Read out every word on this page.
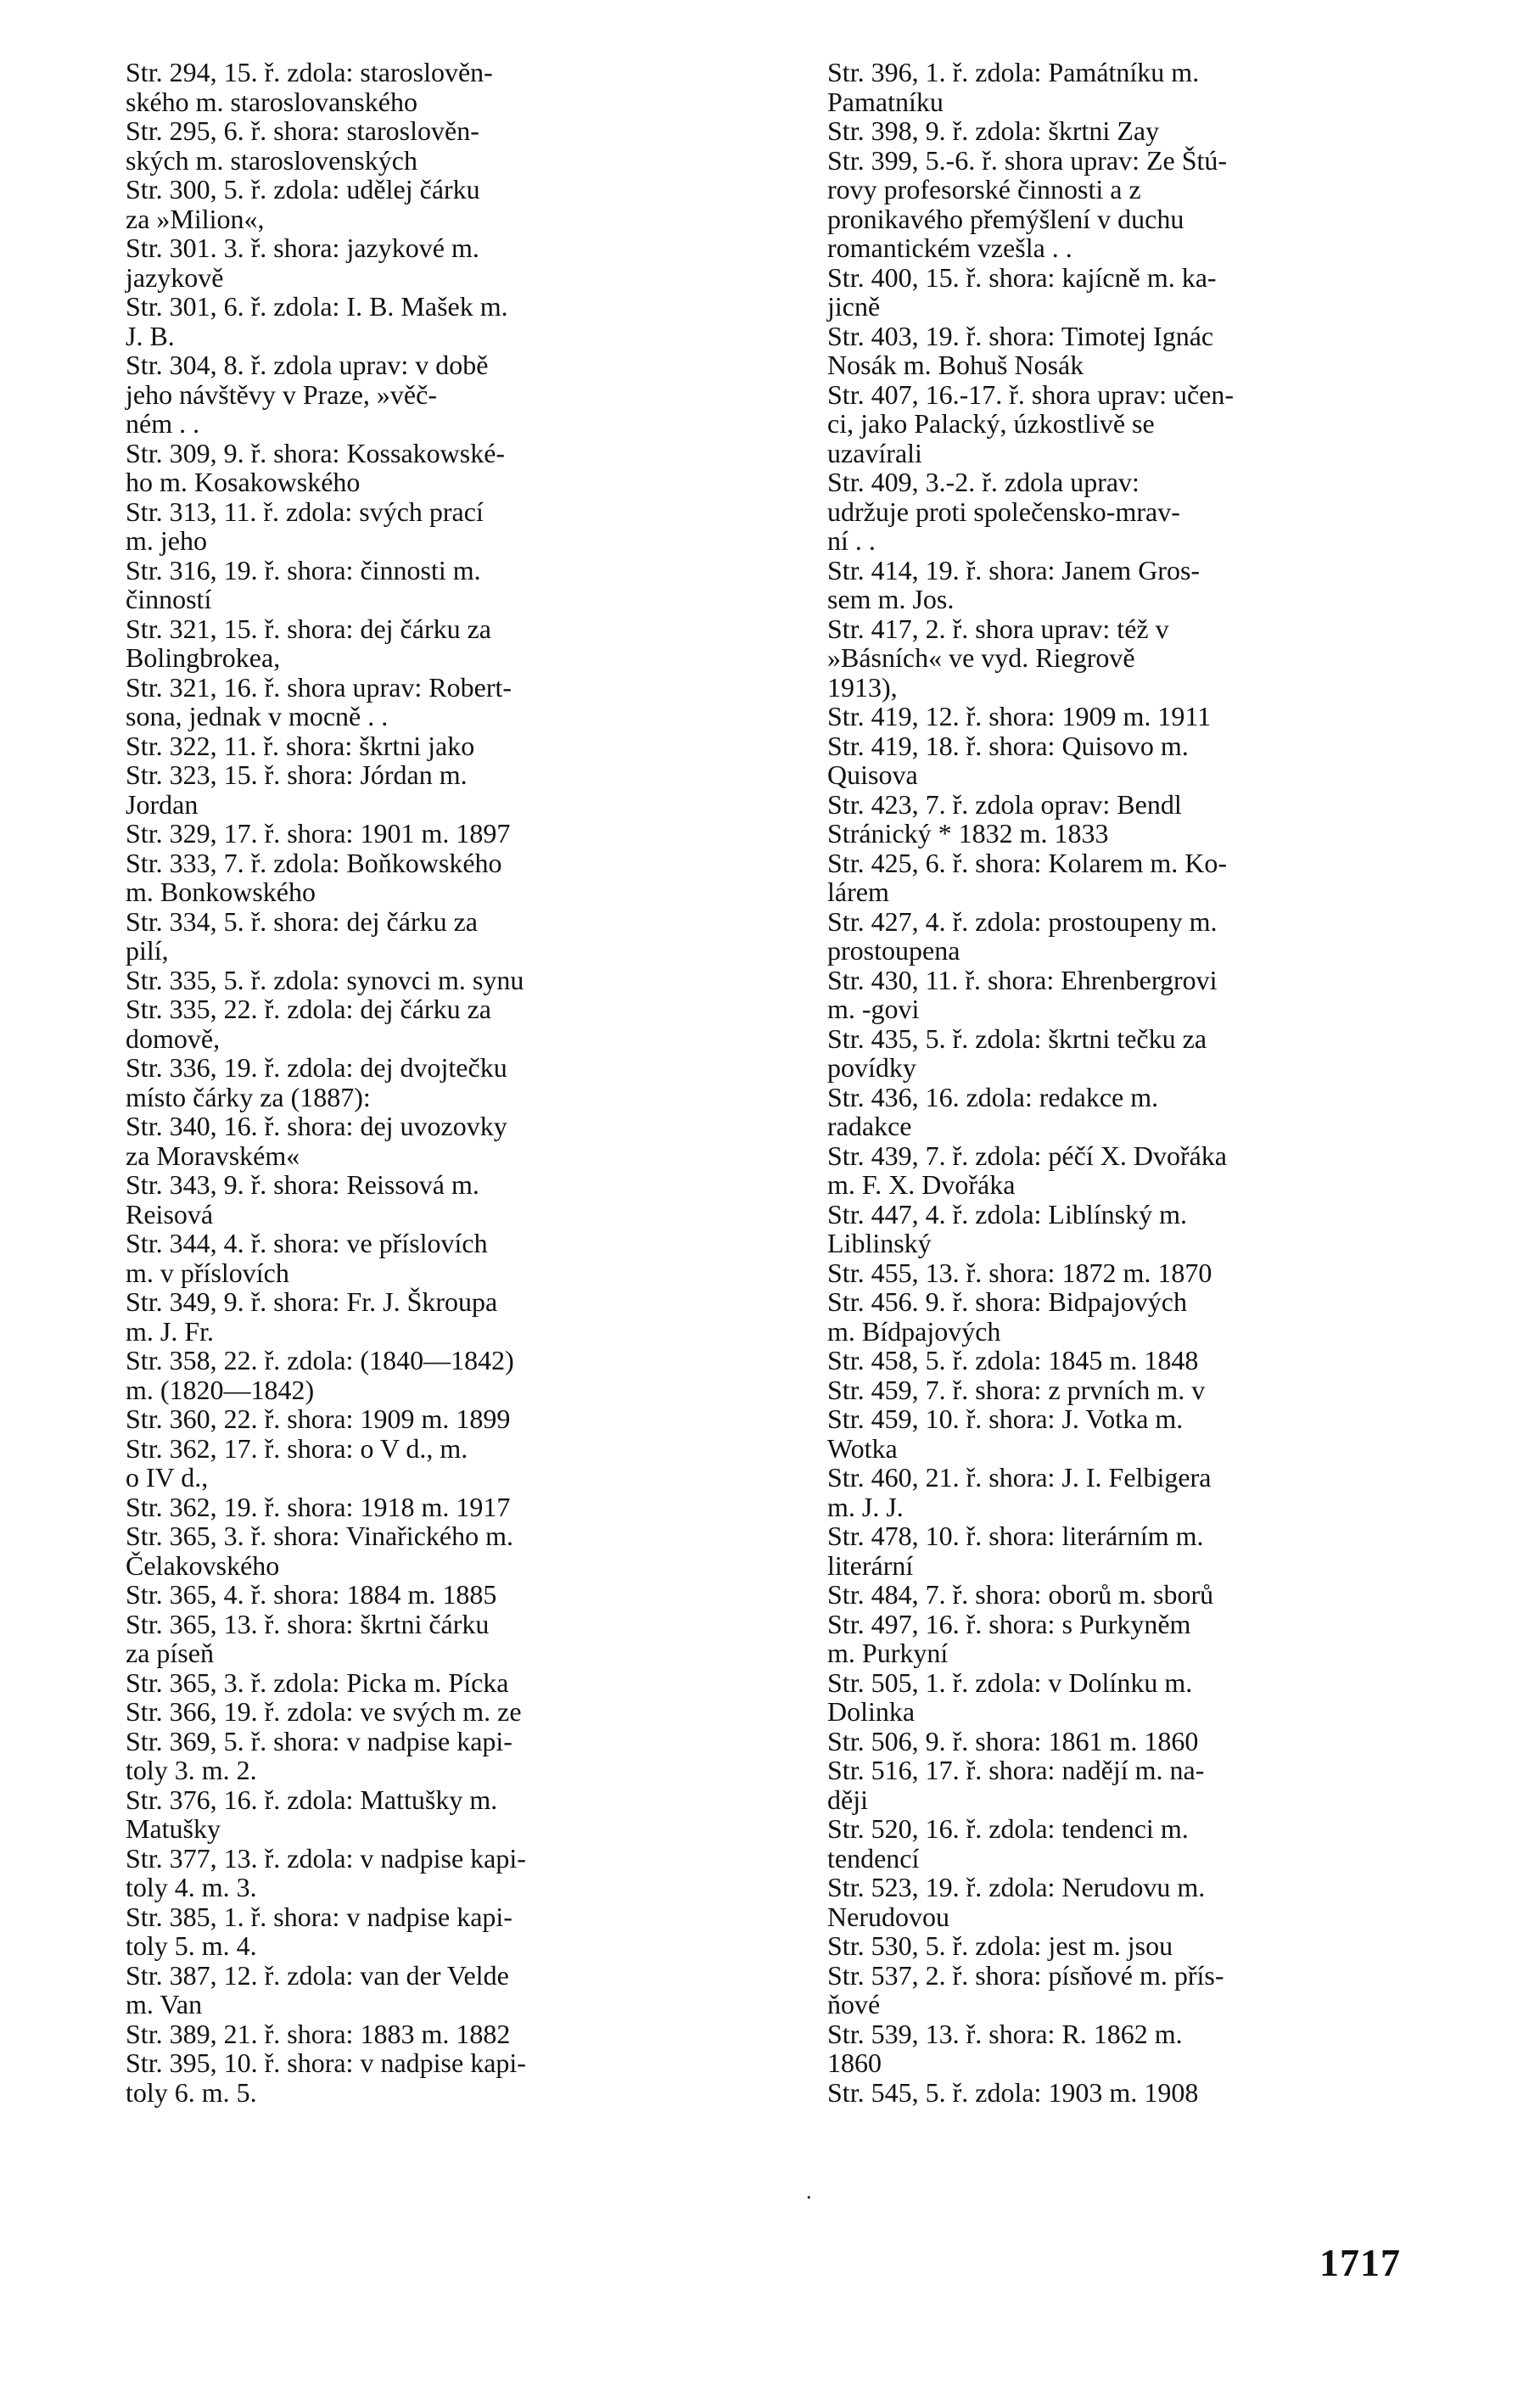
Str. 294, 15. ř. zdola: staroslověn-
ského m. staroslovanského
Str. 295, 6. ř. shora: staroslověn-
ských m. staroslovenských
Str. 300, 5. ř. zdola: udělej čárku
za »Milion«,
Str. 301. 3. ř. shora: jazykové m.
jazykově
Str. 301, 6. ř. zdola: I. B. Mašek m.
J. B.
Str. 304, 8. ř. zdola uprav: v době
jeho návštěvy v Praze, »věč-
ném . .
Str. 309, 9. ř. shora: Kossakowské-
ho m. Kosakowského
Str. 313, 11. ř. zdola: svých prací
m. jeho
Str. 316, 19. ř. shora: činnosti m.
činností
Str. 321, 15. ř. shora: dej čárku za
Bolingbrokea,
Str. 321, 16. ř. shora uprav: Robert-
sona, jednak v mocně . .
Str. 322, 11. ř. shora: škrtni jako
Str. 323, 15. ř. shora: Jórdan m.
Jordan
Str. 329, 17. ř. shora: 1901 m. 1897
Str. 333, 7. ř. zdola: Boňkowského
m. Bonkowského
Str. 334, 5. ř. shora: dej čárku za
pilí,
Str. 335, 5. ř. zdola: synovci m. synu
Str. 335, 22. ř. zdola: dej čárku za
domově,
Str. 336, 19. ř. zdola: dej dvojtečku
místo čárky za (1887):
Str. 340, 16. ř. shora: dej uvozovky
za Moravském«
Str. 343, 9. ř. shora: Reissová m.
Reisová
Str. 344, 4. ř. shora: ve příslovích
m. v příslovích
Str. 349, 9. ř. shora: Fr. J. Škroupa
m. J. Fr.
Str. 358, 22. ř. zdola: (1840—1842)
m. (1820—1842)
Str. 360, 22. ř. shora: 1909 m. 1899
Str. 362, 17. ř. shora: o V d., m.
o IV d.,
Str. 362, 19. ř. shora: 1918 m. 1917
Str. 365, 3. ř. shora: Vinařického m.
Čelakovského
Str. 365, 4. ř. shora: 1884 m. 1885
Str. 365, 13. ř. shora: škrtni čárku
za píseň
Str. 365, 3. ř. zdola: Picka m. Pícka
Str. 366, 19. ř. zdola: ve svých m. ze
Str. 369, 5. ř. shora: v nadpise kapi-
toly 3. m. 2.
Str. 376, 16. ř. zdola: Mattušky m.
Matušky
Str. 377, 13. ř. zdola: v nadpise kapi-
toly 4. m. 3.
Str. 385, 1. ř. shora: v nadpise kapi-
toly 5. m. 4.
Str. 387, 12. ř. zdola: van der Velde
m. Van
Str. 389, 21. ř. shora: 1883 m. 1882
Str. 395, 10. ř. shora: v nadpise kapi-
toly 6. m. 5.
Str. 396, 1. ř. zdola: Památníku m.
Pamatníku
Str. 398, 9. ř. zdola: škrtni Zay
Str. 399, 5.-6. ř. shora uprav: Ze Štú-
rovy profesorské činnosti a z
pronikavého přemýšlení v duchu
romantickém vzešla . .
Str. 400, 15. ř. shora: kajícně m. ka-
jicně
Str. 403, 19. ř. shora: Timotej Ignác
Nosák m. Bohuš Nosák
Str. 407, 16.-17. ř. shora uprav: učen-
ci, jako Palacký, úzkostlivě se
uzavírali
Str. 409, 3.-2. ř. zdola uprav:
udržuje proti společensko-mrav-
ní . .
Str. 414, 19. ř. shora: Janem Gros-
sem m. Jos.
Str. 417, 2. ř. shora uprav: též v
»Básních« ve vyd. Riegrově
1913),
Str. 419, 12. ř. shora: 1909 m. 1911
Str. 419, 18. ř. shora: Quisovo m.
Quisova
Str. 423, 7. ř. zdola oprav: Bendl
Stránický * 1832 m. 1833
Str. 425, 6. ř. shora: Kolarem m. Ko-
lárem
Str. 427, 4. ř. zdola: prostoupeny m.
prostoupena
Str. 430, 11. ř. shora: Ehrenbergrovi
m. -govi
Str. 435, 5. ř. zdola: škrtni tečku za
povídky
Str. 436, 16. zdola: redakce m.
radakce
Str. 439, 7. ř. zdola: péčí X. Dvořáka
m. F. X. Dvořáka
Str. 447, 4. ř. zdola: Liblínský m.
Liblinský
Str. 455, 13. ř. shora: 1872 m. 1870
Str. 456. 9. ř. shora: Bidpajových
m. Bídpajových
Str. 458, 5. ř. zdola: 1845 m. 1848
Str. 459, 7. ř. shora: z prvních m. v
Str. 459, 10. ř. shora: J. Votka m.
Wotka
Str. 460, 21. ř. shora: J. I. Felbigera
m. J. J.
Str. 478, 10. ř. shora: literárním m.
literární
Str. 484, 7. ř. shora: oborů m. sborů
Str. 497, 16. ř. shora: s Purkyněm
m. Purkyní
Str. 505, 1. ř. zdola: v Dolínku m.
Dolinka
Str. 506, 9. ř. shora: 1861 m. 1860
Str. 516, 17. ř. shora: nadějí m. na-
ději
Str. 520, 16. ř. zdola: tendenci m.
tendencí
Str. 523, 19. ř. zdola: Nerudovu m.
Nerudovou
Str. 530, 5. ř. zdola: jest m. jsou
Str. 537, 2. ř. shora: písňové m. přís-
ňové
Str. 539, 13. ř. shora: R. 1862 m.
1860
Str. 545, 5. ř. zdola: 1903 m. 1908
.
1717
